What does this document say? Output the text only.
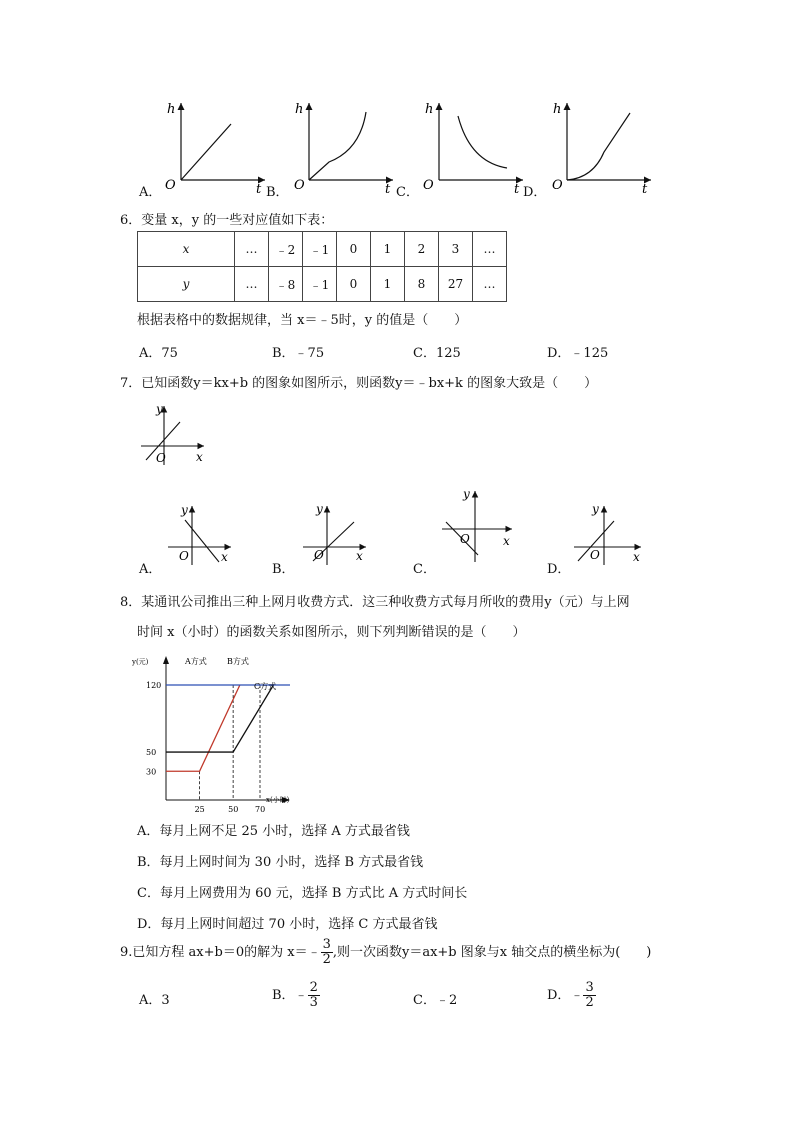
h
O	t
h
O	t
h
O	t
h
O	t
A．	B．	C．	D．
6．变量 x，y 的一些对应值如下表：
x	…	﹣2	﹣1	0	1	2	3	…
y	…	﹣8	﹣1	0	1	8	27	…
根据表格中的数据规律，当 x＝﹣5时，y 的值是（　　）
A．75	B．﹣75	C．125	D．﹣125
7．已知函数y＝kx+b 的图象如图所示，则函数y＝﹣bx+k 的图象大致是（　　）
y
O	x
y
O	x
y
O	x
y
O	x
y
O	x
A．	B．	C．	D．
8．某通讯公司推出三种上网月收费方式．这三种收费方式每月所收的费用y（元）与上网
时间 x（小时）的函数关系如图所示，则下列判断错误的是（　　）
y(元)
x(小时)
120
50
30
25	50 70
A方式	B方式
C方式
A．每月上网不足 25 小时，选择 A 方式最省钱
B．每月上网时间为 30 小时，选择 B 方式最省钱
C．每月上网费用为 60 元，选择 B 方式比 A 方式时间长
D．每月上网时间超过 70 小时，选择 C 方式最省钱
9.已知方程 ax+b＝0的解为 x＝﹣ $\frac{3}{2}$ ,则一次函数y＝ax+b 图象与x 轴交点的横坐标为(　　)
A．3	B．﹣ $\frac{2}{3}$	C．﹣2	D．﹣ $\frac{3}{2}$
